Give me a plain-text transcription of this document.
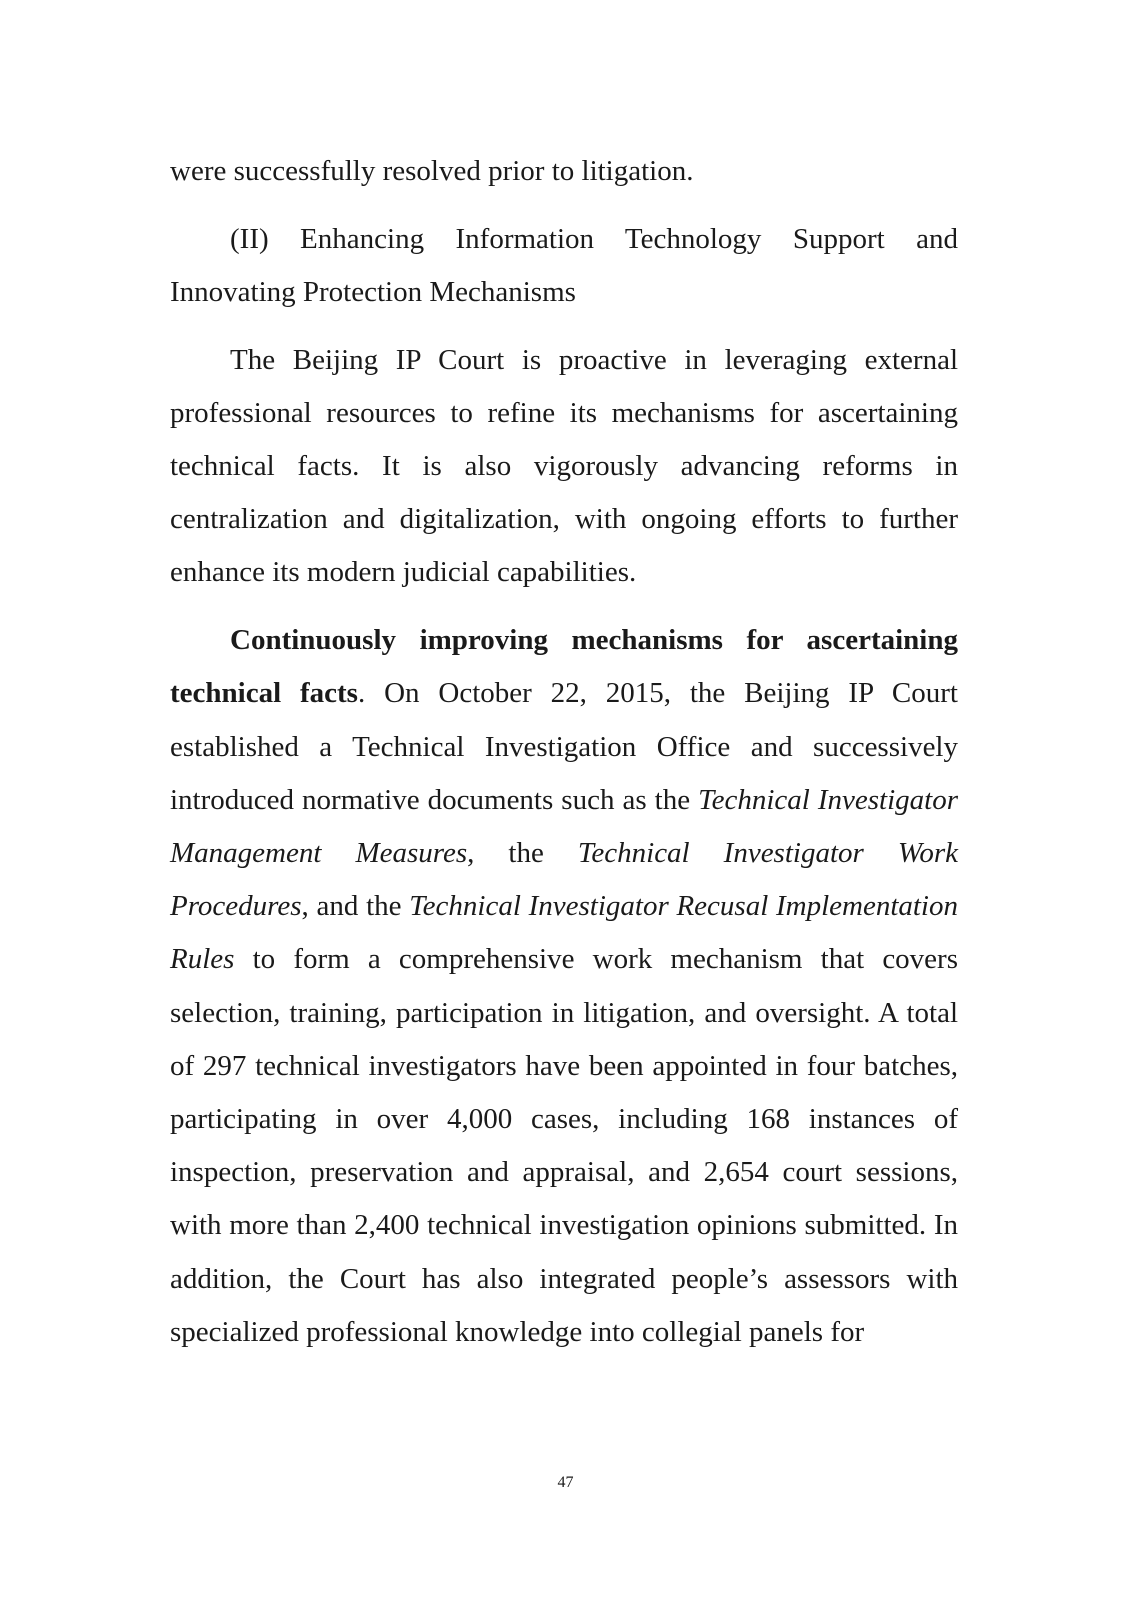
were successfully resolved prior to litigation.

(II) Enhancing Information Technology Support and Innovating Protection Mechanisms

The Beijing IP Court is proactive in leveraging external professional resources to refine its mechanisms for ascertaining technical facts. It is also vigorously advancing reforms in centralization and digitalization, with ongoing efforts to further enhance its modern judicial capabilities.

Continuously improving mechanisms for ascertaining technical facts. On October 22, 2015, the Beijing IP Court established a Technical Investigation Office and successively introduced normative documents such as the Technical Investigator Management Measures, the Technical Investigator Work Procedures, and the Technical Investigator Recusal Implementation Rules to form a comprehensive work mechanism that covers selection, training, participation in litigation, and oversight. A total of 297 technical investigators have been appointed in four batches, participating in over 4,000 cases, including 168 instances of inspection, preservation and appraisal, and 2,654 court sessions, with more than 2,400 technical investigation opinions submitted. In addition, the Court has also integrated people’s assessors with specialized professional knowledge into collegial panels for

47
